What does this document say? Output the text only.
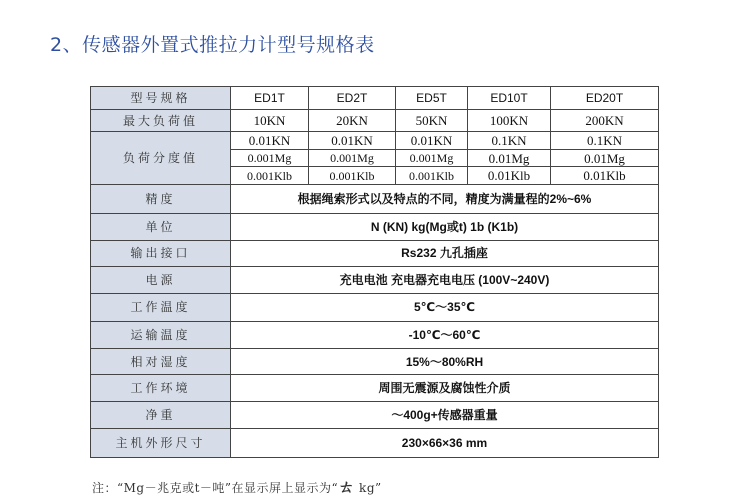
2、传感器外置式推拉力计型号规格表
型号规格	ED1T	ED2T	ED5T	ED10T	ED20T
最大负荷值	10KN	20KN	50KN	100KN	200KN
负荷分度值	0.01KN	0.01KN	0.01KN	0.1KN	0.1KN
	0.001Mg	0.001Mg	0.001Mg	0.01Mg	0.01Mg
	0.001Klb	0.001Klb	0.001Klb	0.01Klb	0.01Klb
精度	根据绳索形式以及特点的不同，精度为满量程的2%~6%				
单位	N (KN) kg(Mg或t) 1b (K1b)				
输出接口	Rs232 九孔插座				
电源	充电电池 充电器充电电压 (100V~240V)				
工作温度	5℃～35℃				
运输温度	-10℃～60℃				
相对湿度	15%～80%RH				
工作环境	周围无震源及腐蚀性介质				
净重	～400g+传感器重量				
主机外形尺寸	230×66×36 mm				
注：“Mg－兆克或t－吨”在显示屏上显示为“ㄊ kg”
